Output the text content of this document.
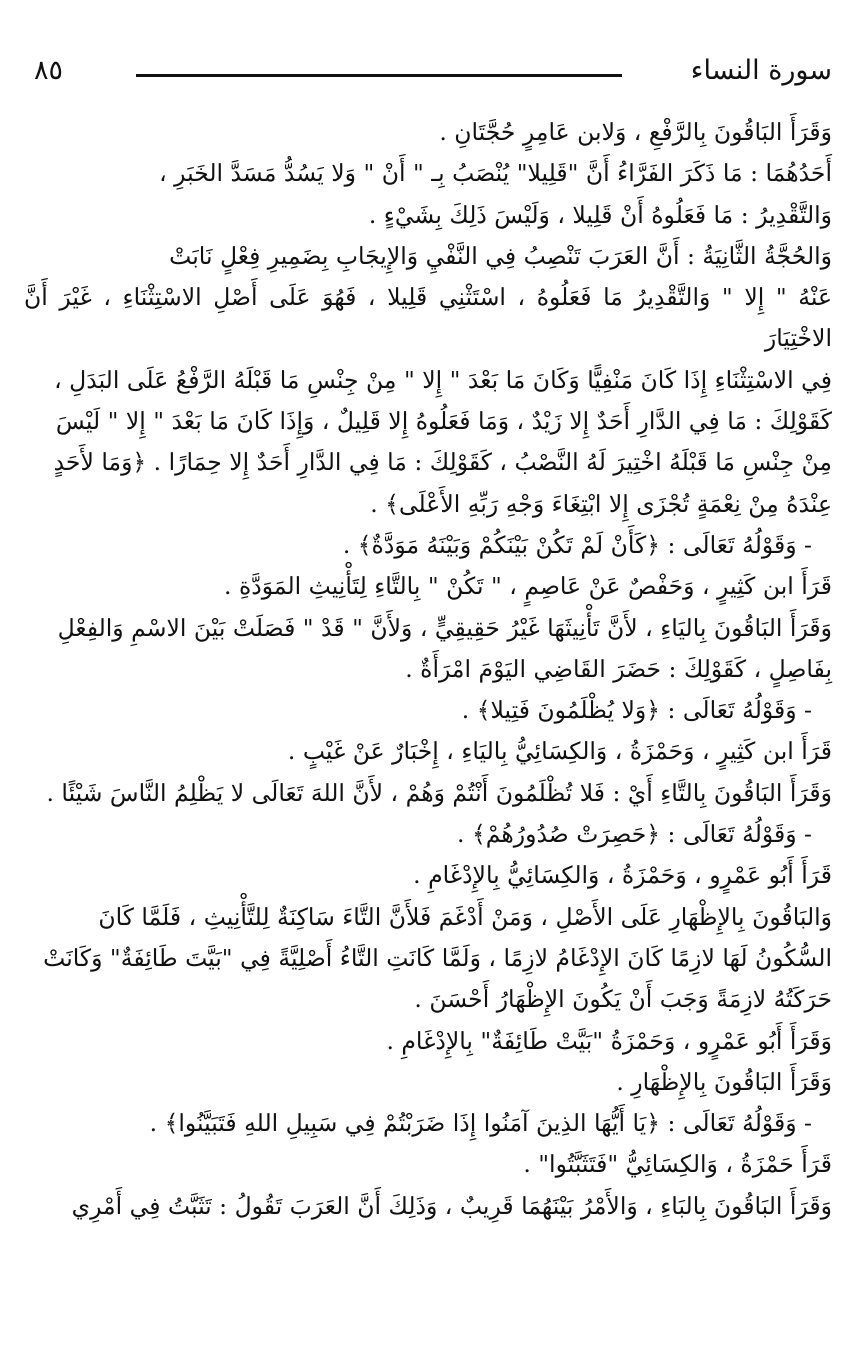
سورة النساء
٨٥

وَقَرَأَ البَاقُونَ بِالرَّفْعِ ، وَلابن عَامِرٍ حُجَّتَانِ .

أَحَدُهُمَا : مَا ذَكَرَ الفَرَّاءُ أَنَّ "قَلِيلا" يُنْصَبُ بِـ " أَنْ " وَلا يَسُدُّ مَسَدَّ الخَبَرِ ،

وَالتَّقْدِيرُ : مَا فَعَلُوهُ أَنْ قَلِيلا ، وَلَيْسَ ذَلِكَ بِشَيْءٍ .

وَالحُجَّةُ الثَّانِيَةُ : أَنَّ العَرَبَ تَنْصِبُ فِي النَّفْيِ وَالإِيجَابِ بِضَمِيرِ فِعْلٍ نَابَتْ

عَنْهُ " إِلا " وَالتَّقْدِيرُ مَا فَعَلُوهُ ، اسْتَثْنِي قَلِيلا ، فَهُوَ عَلَى أَصْلِ الاسْتِثْنَاءِ ، غَيْرَ أَنَّ الاخْتِيَارَ

فِي الاسْتِثْنَاءِ إِذَا كَانَ مَنْفِيًّا وَكَانَ مَا بَعْدَ " إِلا " مِنْ جِنْسِ مَا قَبْلَهُ الرَّفْعُ عَلَى البَدَلِ ،

كَقَوْلِكَ : مَا فِي الدَّارِ أَحَدٌ إِلا زَيْدٌ ، وَمَا فَعَلُوهُ إِلا قَلِيلٌ ، وَإِذَا كَانَ مَا بَعْدَ " إِلا " لَيْسَ

مِنْ جِنْسِ مَا قَبْلَهُ اخْتِيرَ لَهُ النَّصْبُ ، كَقَوْلِكَ : مَا فِي الدَّارِ أَحَدٌ إِلا حِمَارًا . ﴿وَمَا لأَحَدٍ

عِنْدَهُ مِنْ نِعْمَةٍ تُجْزَى إِلا ابْتِغَاءَ وَجْهِ رَبِّهِ الأَعْلَى﴾ .

- وَقَوْلُهُ تَعَالَى : ﴿كَأَنْ لَمْ تَكُنْ بَيْنَكُمْ وَبَيْنَهُ مَوَدَّةٌ﴾ .

قَرَأَ ابن كَثِيرٍ ، وَحَفْصٌ عَنْ عَاصِمٍ ، " تَكُنْ " بِالتَّاءِ لِتَأْنِيثِ المَوَدَّةِ .

وَقَرَأَ البَاقُونَ بِاليَاءِ ، لأَنَّ تَأْنِيثَهَا غَيْرُ حَقِيقِيٍّ ، وَلأَنَّ " قَدْ " فَصَلَتْ بَيْنَ الاسْمِ وَالفِعْلِ

بِفَاصِلٍ ، كَقَوْلِكَ : حَضَرَ القَاضِي اليَوْمَ امْرَأَةٌ .

- وَقَوْلُهُ تَعَالَى : ﴿وَلا يُظْلَمُونَ فَتِيلا﴾ .

قَرَأَ ابن كَثِيرٍ ، وَحَمْزَةُ ، وَالكِسَائِيُّ بِاليَاءِ ، إِخْبَارٌ عَنْ غَيْبٍ .

وَقَرَأَ البَاقُونَ بِالتَّاءِ أَيْ : فَلا تُظْلَمُونَ أَنْتُمْ وَهُمْ ، لأَنَّ اللهَ تَعَالَى لا يَظْلِمُ النَّاسَ شَيْئًا .

- وَقَوْلُهُ تَعَالَى : ﴿حَصِرَتْ صُدُورُهُمْ﴾ .

قَرَأَ أَبُو عَمْرٍو ، وَحَمْزَةُ ، وَالكِسَائِيُّ بِالإِدْغَامِ .

وَالبَاقُونَ بِالإِظْهَارِ عَلَى الأَصْلِ ، وَمَنْ أَدْغَمَ فَلأَنَّ التَّاءَ سَاكِنَةٌ لِلتَّأْنِيثِ ، فَلَمَّا كَانَ

السُّكُونُ لَهَا لازِمًا كَانَ الإِدْغَامُ لازِمًا ، وَلَمَّا كَانَتِ التَّاءُ أَصْلِيَّةً فِي "بَيَّتَ طَائِفَةٌ" وَكَانَتْ

حَرَكَتُهُ لازِمَةً وَجَبَ أَنْ يَكُونَ الإِظْهَارُ أَحْسَنَ .

وَقَرَأَ أَبُو عَمْرٍو ، وَحَمْزَةُ "بَيَّتْ طَائِفَةٌ" بِالإِدْغَامِ .

وَقَرَأَ البَاقُونَ بِالإِظْهَارِ .

- وَقَوْلُهُ تَعَالَى : ﴿يَا أَيُّهَا الذِينَ آمَنُوا إِذَا ضَرَبْتُمْ فِي سَبِيلِ اللهِ فَتَبَيَّنُوا﴾ .

قَرَأَ حَمْزَةُ ، وَالكِسَائِيُّ "فَتَثَبَّتُوا" .

وَقَرَأَ البَاقُونَ بِالبَاءِ ، وَالأَمْرُ بَيْنَهُمَا قَرِيبٌ ، وَذَلِكَ أَنَّ العَرَبَ تَقُولُ : تَثَبَّتُ فِي أَمْرِي
